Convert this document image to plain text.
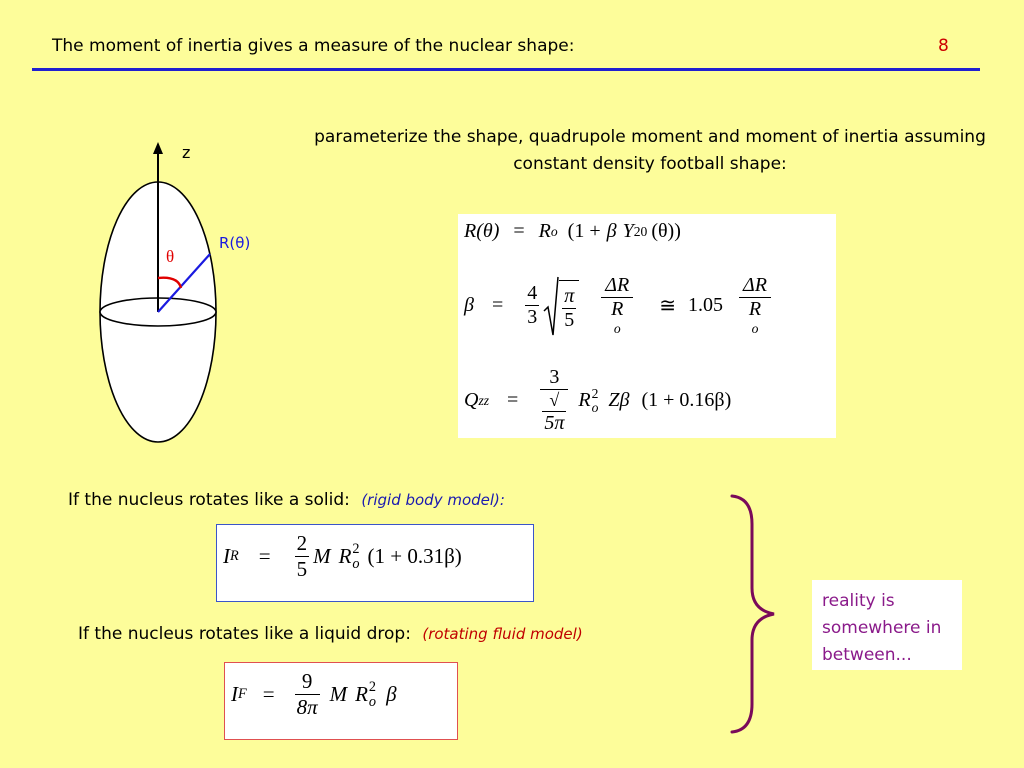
The moment of inertia gives a measure of the nuclear shape:	8
z
R(θ)
θ
parameterize the shape, quadrupole moment and moment of inertia assuming constant density football shape:
R(θ) = R o (1 + β Y 20 (θ))
$\beta = \frac{4}{3} \frac{\pi}{5}$ ΔR
R
o ≅ 1.05 ΔR
R
o
Q zz = 3
√
5π R 2
o Zβ (1 + 0.16β)
If the nucleus rotates like a solid: (rigid body model):
I $R = \frac{2}{5}$ M R 2
o (1 + 0.31β)
If the nucleus rotates like a liquid drop: (rotating fluid model)
I $F = \frac{9}{8\pi}$ M R 2
o β
reality is somewhere in between...
